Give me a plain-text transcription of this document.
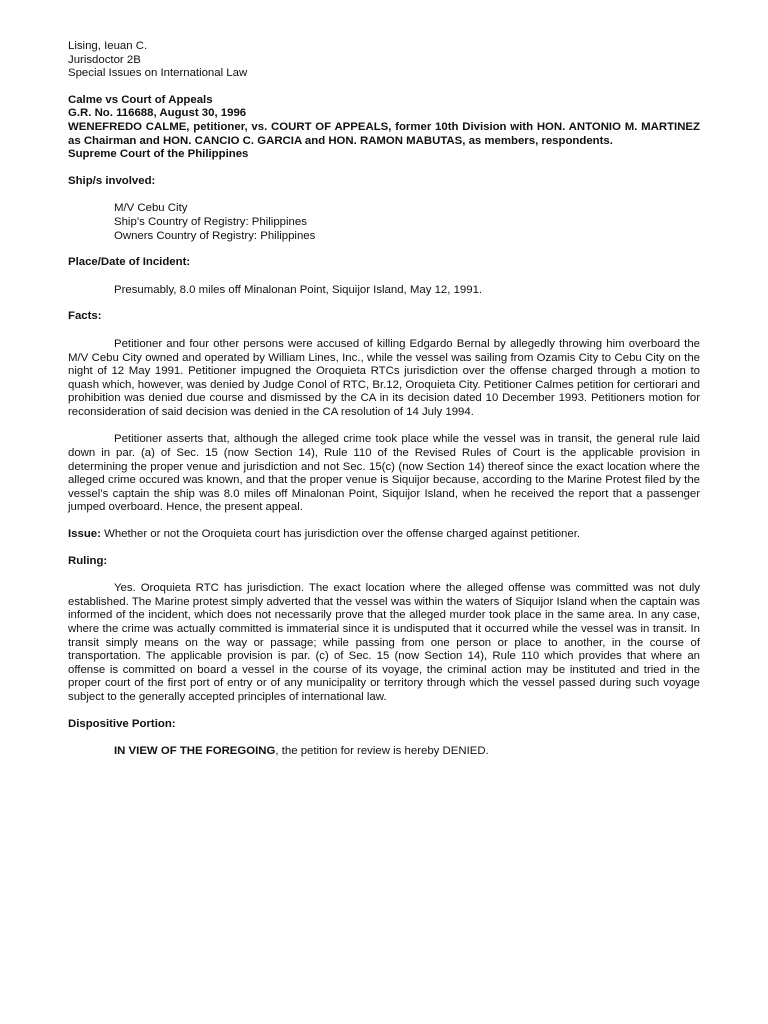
Lising, Ieuan C.
Jurisdoctor 2B
Special Issues on International Law
Calme vs Court of Appeals
G.R. No. 116688, August 30, 1996
WENEFREDO CALME, petitioner, vs. COURT OF APPEALS, former 10th Division with HON. ANTONIO M. MARTINEZ as Chairman and HON. CANCIO C. GARCIA and HON. RAMON MABUTAS, as members, respondents.
Supreme Court of the Philippines
Ship/s involved:
M/V Cebu City
Ship’s Country of Registry: Philippines
Owners Country of Registry: Philippines
Place/Date of Incident:
Presumably, 8.0 miles off Minalonan Point, Siquijor Island, May 12, 1991.
Facts:
Petitioner and four other persons were accused of killing Edgardo Bernal by allegedly throwing him overboard the M/V Cebu City owned and operated by William Lines, Inc., while the vessel was sailing from Ozamis City to Cebu City on the night of 12 May 1991. Petitioner impugned the Oroquieta RTCs jurisdiction over the offense charged through a motion to quash which, however, was denied by Judge Conol of RTC, Br.12, Oroquieta City. Petitioner Calmes petition for certiorari and prohibition was denied due course and dismissed by the CA in its decision dated 10 December 1993. Petitioners motion for reconsideration of said decision was denied in the CA resolution of 14 July 1994.
Petitioner asserts that, although the alleged crime took place while the vessel was in transit, the general rule laid down in par. (a) of Sec. 15 (now Section 14), Rule 110 of the Revised Rules of Court is the applicable provision in determining the proper venue and jurisdiction and not Sec. 15(c) (now Section 14) thereof since the exact location where the alleged crime occured was known, and that the proper venue is Siquijor because, according to the Marine Protest filed by the vessel’s captain the ship was 8.0 miles off Minalonan Point, Siquijor Island, when he received the report that a passenger jumped overboard. Hence, the present appeal.
Issue: Whether or not the Oroquieta court has jurisdiction over the offense charged against petitioner.
Ruling:
Yes. Oroquieta RTC has jurisdiction. The exact location where the alleged offense was committed was not duly established. The Marine protest simply adverted that the vessel was within the waters of Siquijor Island when the captain was informed of the incident, which does not necessarily prove that the alleged murder took place in the same area. In any case, where the crime was actually committed is immaterial since it is undisputed that it occurred while the vessel was in transit. In transit simply means on the way or passage; while passing from one person or place to another, in the course of transportation. The applicable provision is par. (c) of Sec. 15 (now Section 14), Rule 110 which provides that where an offense is committed on board a vessel in the course of its voyage, the criminal action may be instituted and tried in the proper court of the first port of entry or of any municipality or territory through which the vessel passed during such voyage subject to the generally accepted principles of international law.
Dispositive Portion:
IN VIEW OF THE FOREGOING, the petition for review is hereby DENIED.
